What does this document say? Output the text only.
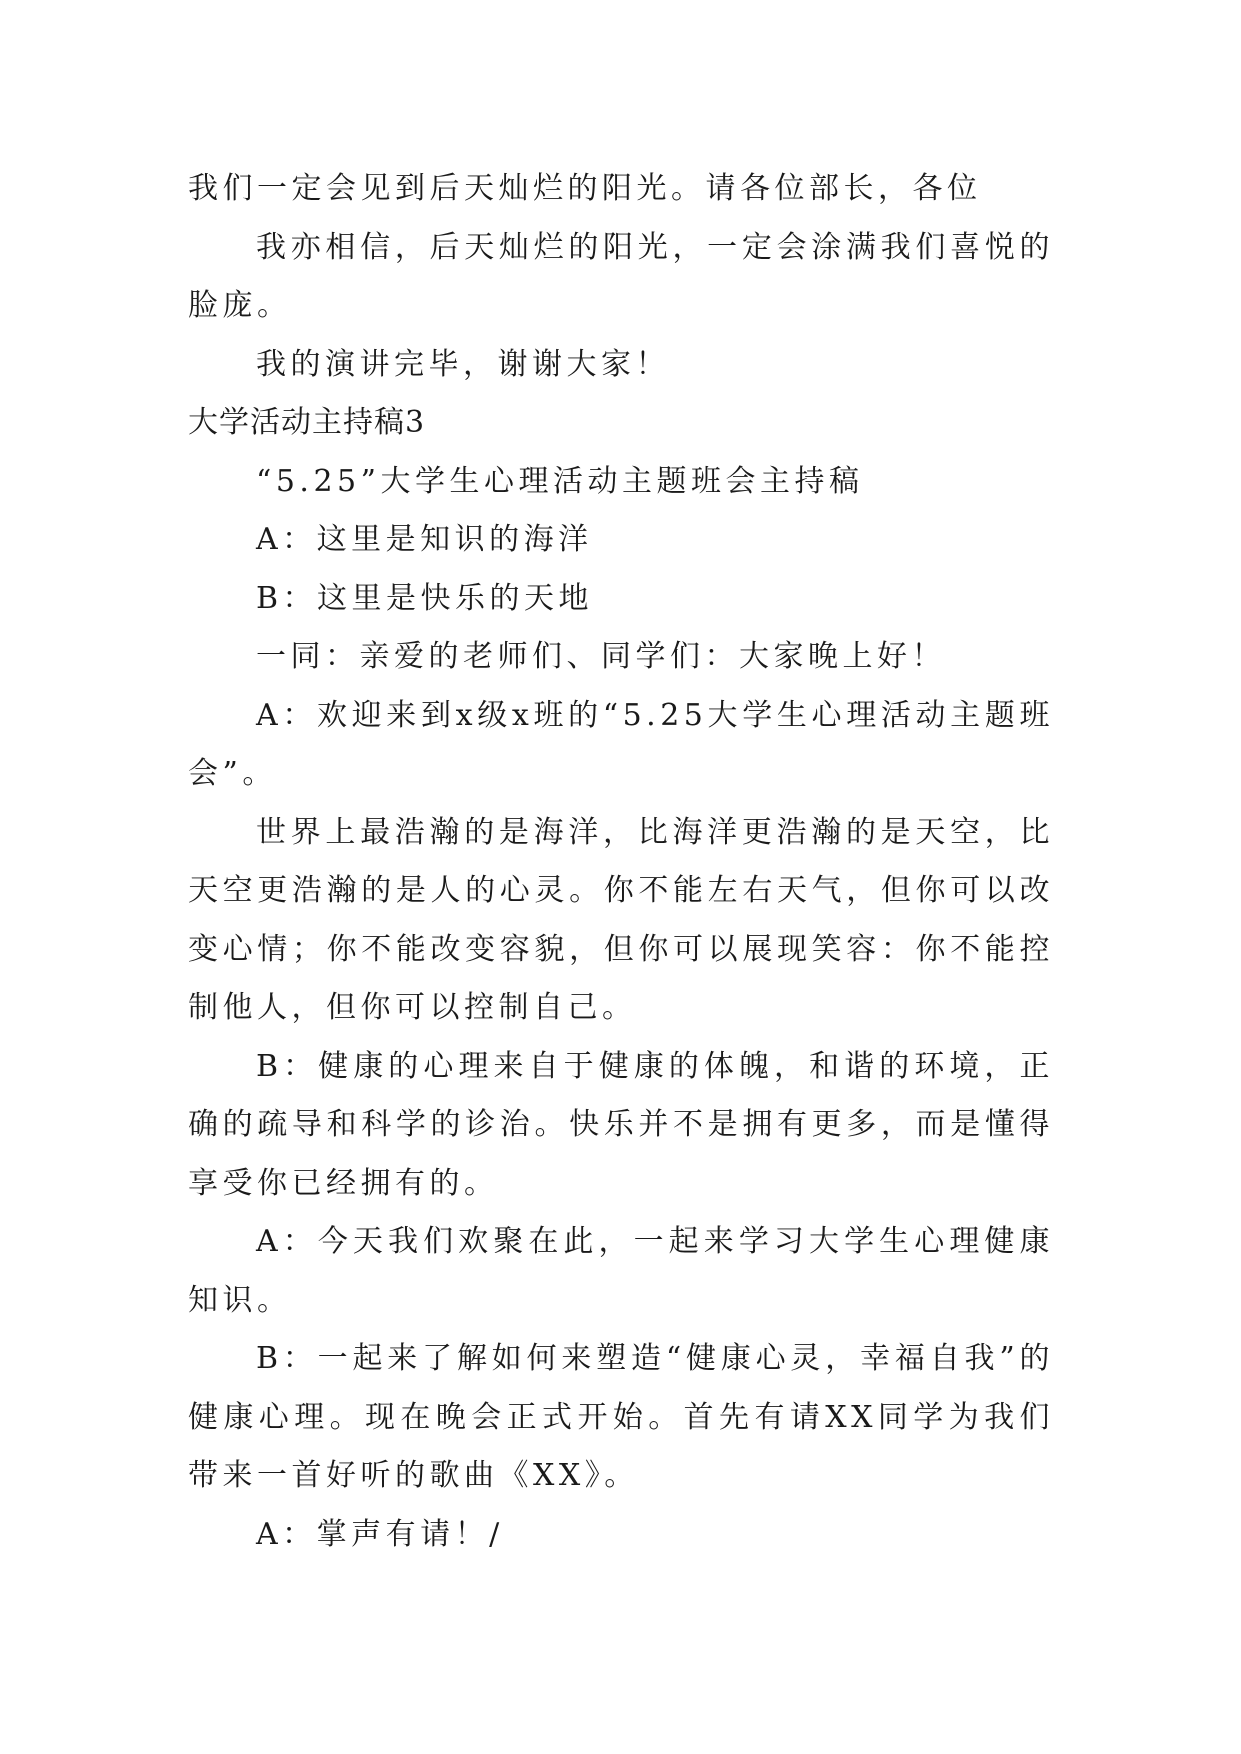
我们一定会见到后天灿烂的阳光。请各位部长，各位

我亦相信，后天灿烂的阳光，一定会涂满我们喜悦的脸庞。

我的演讲完毕，谢谢大家！

大学活动主持稿3

“5.25”大学生心理活动主题班会主持稿

A：这里是知识的海洋

B：这里是快乐的天地

一同：亲爱的老师们、同学们：大家晚上好！

A：欢迎来到x级x班的“5.25大学生心理活动主题班会”。

世界上最浩瀚的是海洋，比海洋更浩瀚的是天空，比天空更浩瀚的是人的心灵。你不能左右天气，但你可以改变心情；你不能改变容貌，但你可以展现笑容：你不能控制他人，但你可以控制自己。

B：健康的心理来自于健康的体魄，和谐的环境，正确的疏导和科学的诊治。快乐并不是拥有更多，而是懂得享受你已经拥有的。

A：今天我们欢聚在此，一起来学习大学生心理健康知识。

B：一起来了解如何来塑造“健康心灵，幸福自我”的健康心理。现在晚会正式开始。首先有请XX同学为我们带来一首好听的歌曲《XX》。

A：掌声有请！/
